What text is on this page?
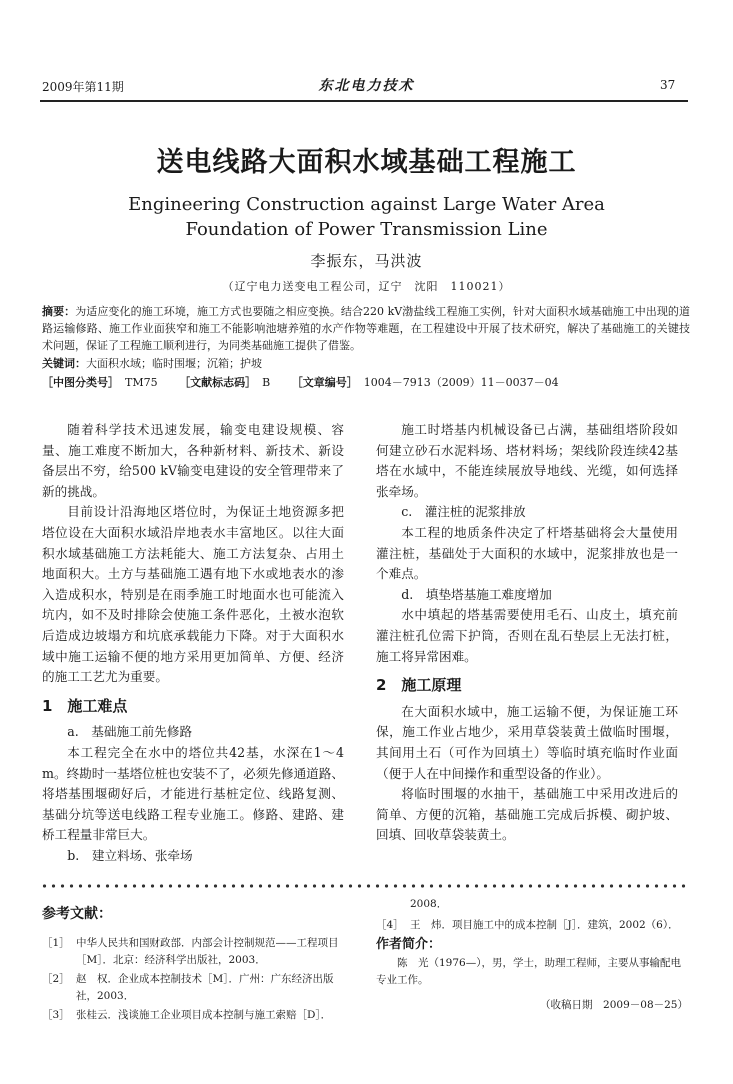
2009年第11期	东北电力技术	37
送电线路大面积水域基础工程施工
Engineering Construction against Large Water Area
Foundation of Power Transmission Line
李振东，马洪波
（辽宁电力送变电工程公司，辽宁　沈阳　110021）

摘要：为适应变化的施工环境，施工方式也要随之相应变换。结合220 kV渤盐线工程施工实例，针对大面积水域基础施工中出现的道路运输修路、施工作业面狭窄和施工不能影响池塘养殖的水产作物等难题，在工程建设中开展了技术研究，解决了基础施工的关键技术问题，保证了工程施工顺利进行，为同类基础施工提供了借鉴。

关键词：大面积水域；临时围堰；沉箱；护坡

［中图分类号］ TM75 ［文献标志码］ B ［文章编号］ 1004－7913（2009）11－0037－04

随着科学技术迅速发展，输变电建设规模、容量、施工难度不断加大，各种新材料、新技术、新设备层出不穷，给500 kV输变电建设的安全管理带来了新的挑战。

目前设计沿海地区塔位时，为保证土地资源多把塔位设在大面积水域沿岸地表水丰富地区。以往大面积水域基础施工方法耗能大、施工方法复杂、占用土地面积大。土方与基础施工遇有地下水或地表水的渗入造成积水，特别是在雨季施工时地面水也可能流入坑内，如不及时排除会使施工条件恶化，土被水泡软后造成边坡塌方和坑底承载能力下降。对于大面积水域中施工运输不便的地方采用更加简单、方便、经济的施工工艺尤为重要。

1　施工难点

a.　基础施工前先修路

本工程完全在水中的塔位共42基，水深在1～4 m。终勘时一基塔位桩也安装不了，必须先修通道路、将塔基围堰砌好后，才能进行基桩定位、线路复测、基础分坑等送电线路工程专业施工。修路、建路、建桥工程量非常巨大。

b.　建立料场、张牵场

施工时塔基内机械设备已占满，基础组塔阶段如何建立砂石水泥料场、塔材料场；架线阶段连续42基塔在水域中，不能连续展放导地线、光缆，如何选择张牵场。

c.　灌注桩的泥浆排放

本工程的地质条件决定了杆塔基础将会大量使用灌注桩，基础处于大面积的水域中，泥浆排放也是一个难点。

d.　填垫塔基施工难度增加

水中填起的塔基需要使用毛石、山皮土，填充前灌注桩孔位需下护筒，否则在乱石垫层上无法打桩，施工将异常困难。

2　施工原理

在大面积水域中，施工运输不便，为保证施工环保，施工作业占地少，采用草袋装黄土做临时围堰，其间用土石（可作为回填土）等临时填充临时作业面（便于人在中间操作和重型设备的作业）。

将临时围堰的水抽干，基础施工中采用改进后的简单、方便的沉箱，基础施工完成后拆模、砌护坡、回填、回收草袋装黄土。

参考文献：
［1］ 中华人民共和国财政部．内部会计控制规范——工程项目［M］．北京：经济科学出版社，2003．
［2］ 赵　权．企业成本控制技术［M］．广州：广东经济出版社，2003．
［3］ 张桂云．浅谈施工企业项目成本控制与施工索赔［D］．
2008．
［4］ 王　炜．项目施工中的成本控制［J］．建筑，2002（6）．
作者简介：

陈　光（1976—），男，学士，助理工程师，主要从事输配电专业工作。

（收稿日期　2009－08－25）
